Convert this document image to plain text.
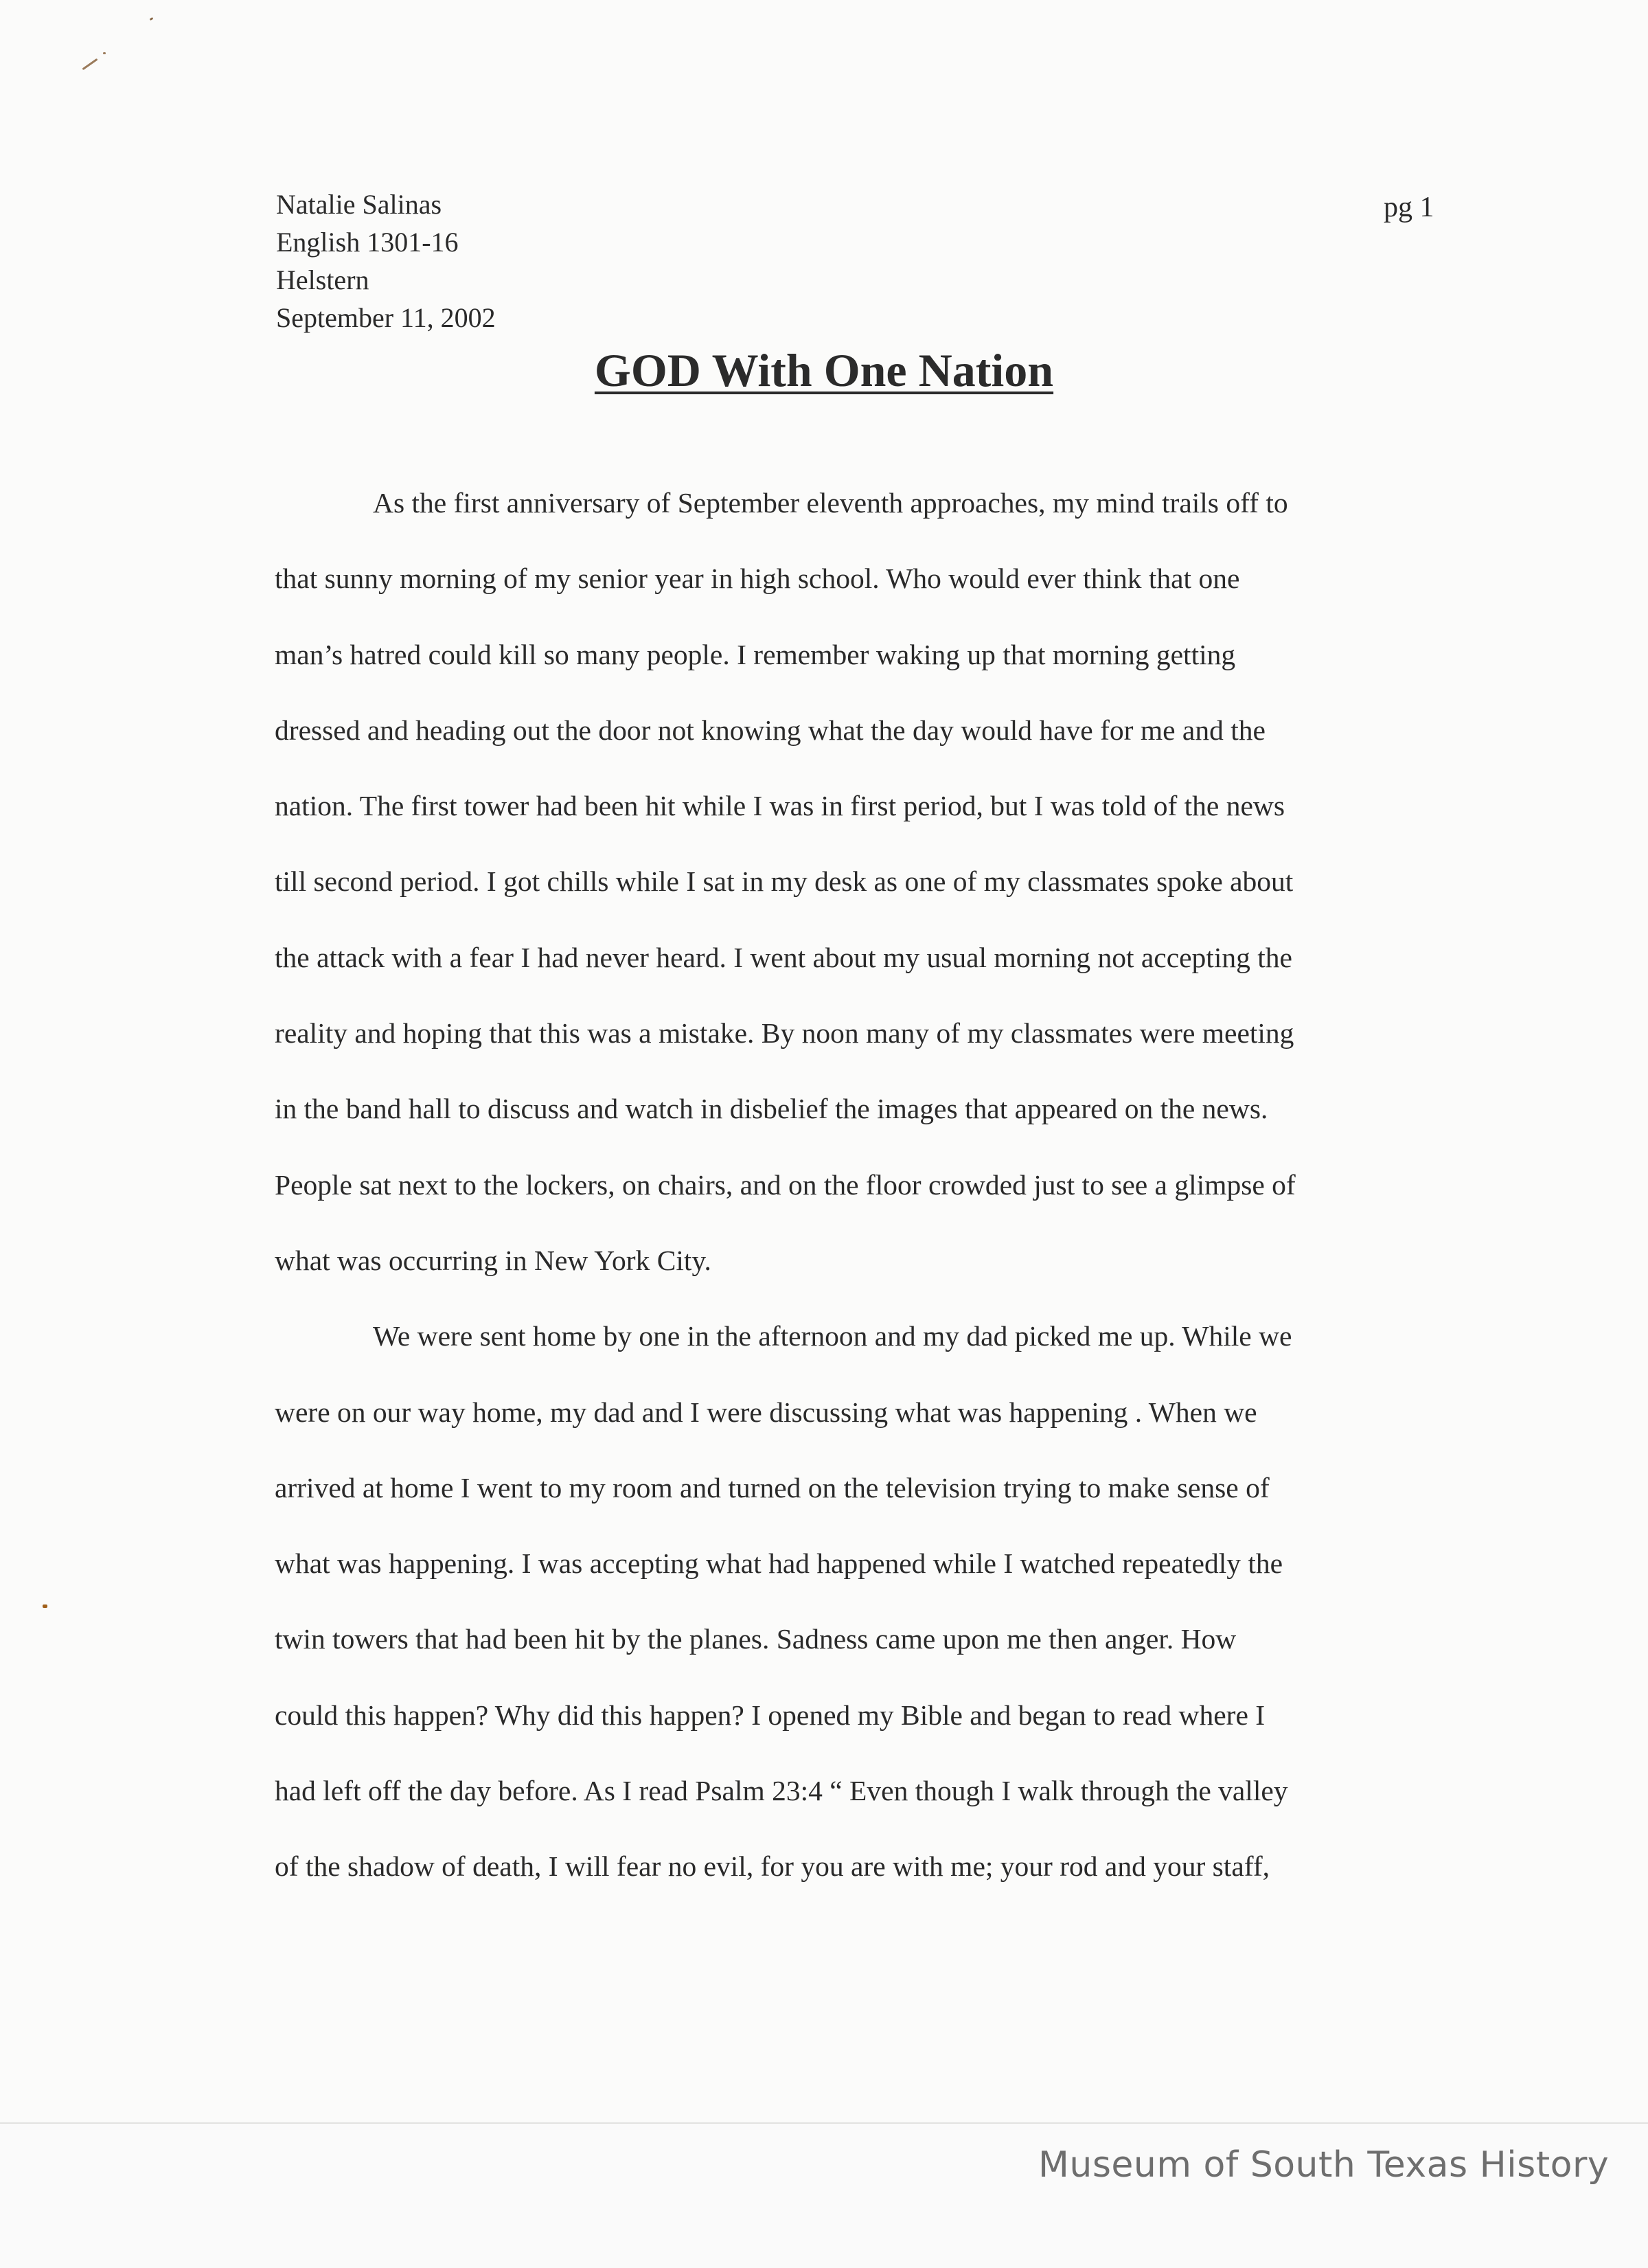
Natalie Salinas
English 1301-16
Helstern
September 11, 2002
pg 1
GOD With One Nation
As the first anniversary of September eleventh approaches, my mind trails off to
that sunny morning of my senior year in high school. Who would ever think that one
man’s hatred could kill so many people. I remember waking up that morning getting
dressed and heading out the door not knowing what the day would have for me and the
nation. The first tower had been hit while I was in first period, but I was told of the news
till second period. I got chills while I sat in my desk as one of my classmates spoke about
the attack with a fear I had never heard. I went about my usual morning not accepting the
reality and hoping that this was a mistake. By noon many of my classmates were meeting
in the band hall to discuss and watch in disbelief the images that appeared on the news.
People sat next to the lockers, on chairs, and on the floor crowded just to see a glimpse of
what was occurring in New York City.
We were sent home by one in the afternoon and my dad picked me up. While we
were on our way home, my dad and I were discussing what was happening . When we
arrived at home I went to my room and turned on the television trying to make sense of
what was happening. I was accepting what had happened while I watched repeatedly the
twin towers that had been hit by the planes. Sadness came upon me then anger. How
could this happen? Why did this happen? I opened my Bible and began to read where I
had left off the day before. As I read Psalm 23:4 “ Even though I walk through the valley
of the shadow of death, I will fear no evil, for you are with me; your rod and your staff,
Museum of South Texas History
